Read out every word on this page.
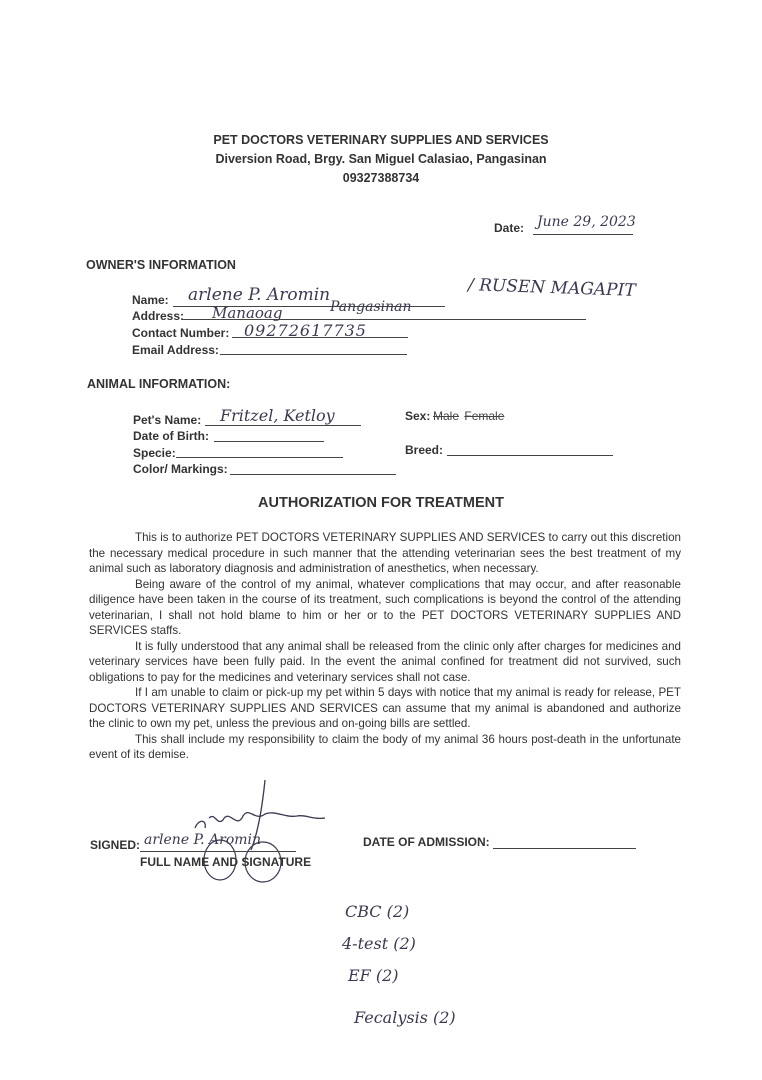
PET DOCTORS VETERINARY SUPPLIES AND SERVICES
Diversion Road, Brgy. San Miguel Calasiao, Pangasinan
09327388734
Date: June 29, 2023
OWNER'S INFORMATION
Name: arlene P. Aromin	/ RUSEN MAGAPIT
Address: Manaoag	Pangasinan
Contact Number: 09272617735
Email Address:
ANIMAL INFORMATION:
Pet's Name: Fritzel, Ketloy	Sex: Male Female
Date of Birth:
Specie:	Breed:
Color/ Markings:
AUTHORIZATION FOR TREATMENT

This is to authorize PET DOCTORS VETERINARY SUPPLIES AND SERVICES to carry out this discretion the necessary medical procedure in such manner that the attending veterinarian sees the best treatment of my animal such as laboratory diagnosis and administration of anesthetics, when necessary.

Being aware of the control of my animal, whatever complications that may occur, and after reasonable diligence have been taken in the course of its treatment, such complications is beyond the control of the attending veterinarian, I shall not hold blame to him or her or to the PET DOCTORS VETERINARY SUPPLIES AND SERVICES staffs.

It is fully understood that any animal shall be released from the clinic only after charges for medicines and veterinary services have been fully paid. In the event the animal confined for treatment did not survived, such obligations to pay for the medicines and veterinary services shall not case.

If I am unable to claim or pick-up my pet within 5 days with notice that my animal is ready for release, PET DOCTORS VETERINARY SUPPLIES AND SERVICES can assume that my animal is abandoned and authorize the clinic to own my pet, unless the previous and on-going bills are settled.

This shall include my responsibility to claim the body of my animal 36 hours post-death in the unfortunate event of its demise.

SIGNED: arlene P. Aromin
FULL NAME AND SIGNATURE
DATE OF ADMISSION:
CBC (2)
4-test (2)
EF (2)
Fecalysis (2)
